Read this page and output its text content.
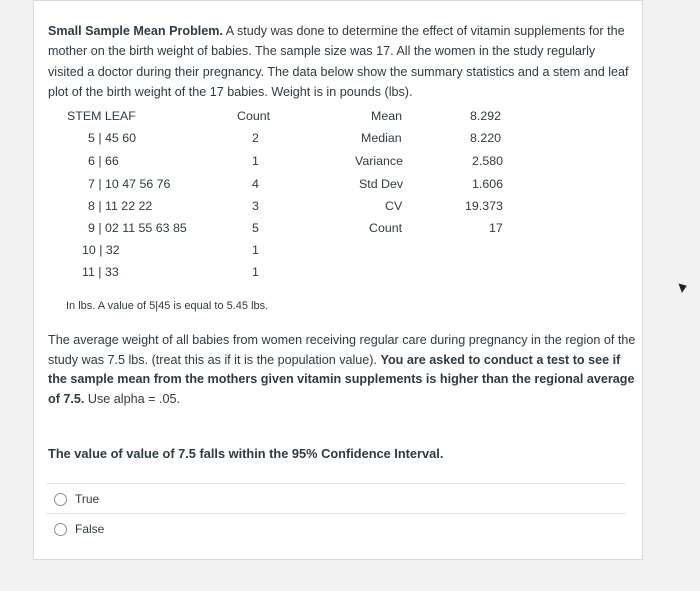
Small Sample Mean Problem. A study was done to determine the effect of vitamin supplements for the mother on the birth weight of babies. The sample size was 17. All the women in the study regularly visited a doctor during their pregnancy. The data below show the summary statistics and a stem and leaf plot of the birth weight of the 17 babies. Weight is in pounds (lbs).
STEM LEAF	Count
5 | 45 60	2
6 | 66	1
7 | 10 47 56 76	4
8 | 11 22 22	3
9 | 02 11 55 63 85	5
10 | 32	1
11 | 33	1
Mean	8.292
Median	8.220
Variance	2.580
Std Dev	1.606
CV	19.373
Count	17
In lbs. A value of 5|45 is equal to 5.45 lbs.
The average weight of all babies from women receiving regular care during pregnancy in the region of the study was 7.5 lbs. (treat this as if it is the population value). You are asked to conduct a test to see if the sample mean from the mothers given vitamin supplements is higher than the regional average of 7.5. Use alpha = .05.
The value of value of 7.5 falls within the 95% Confidence Interval.
True
False
